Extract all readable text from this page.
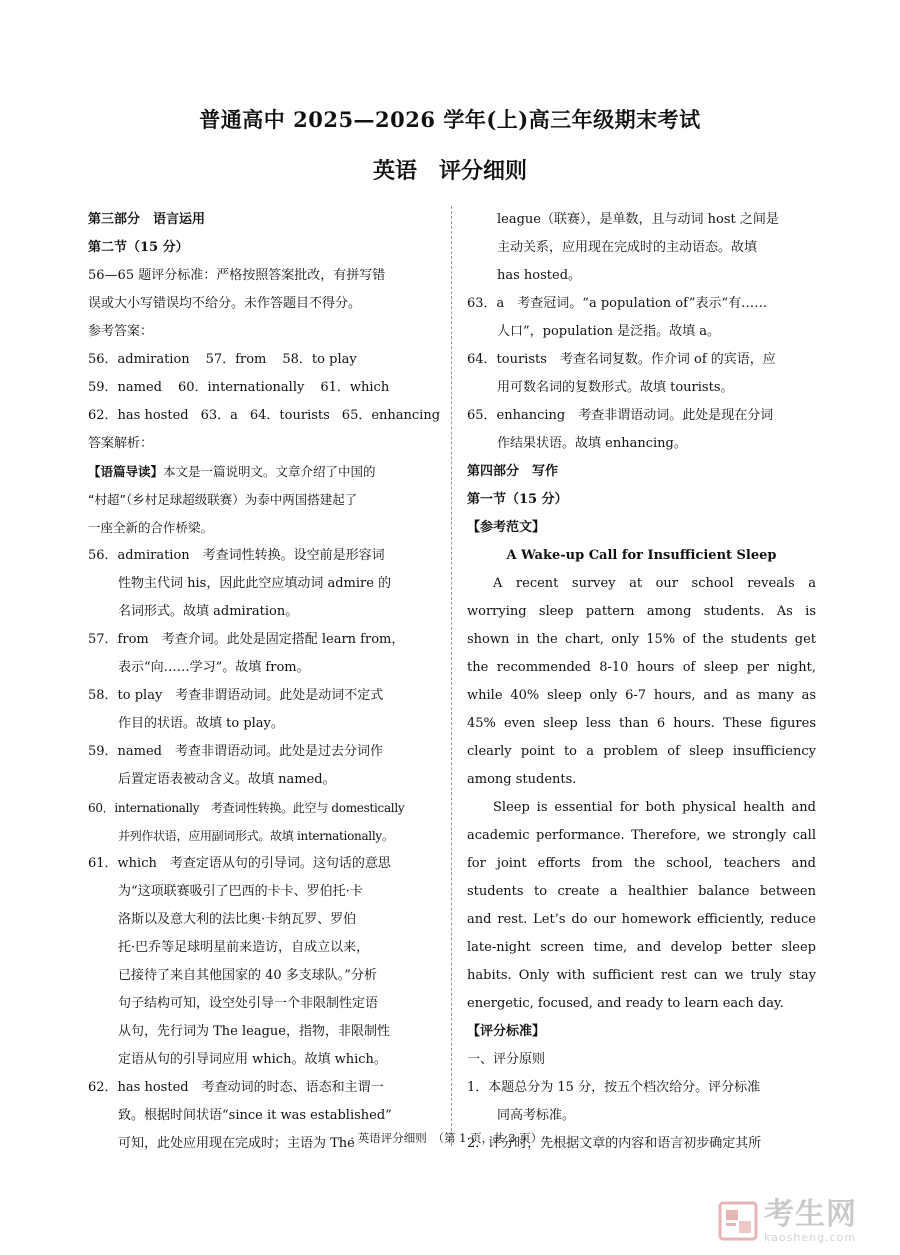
普通高中 2025—2026 学年(上)高三年级期末考试
英语　评分细则
第三部分　语言运用
第二节（15 分）
56—65 题评分标准：严格按照答案批改，有拼写错
误或大小写错误均不给分。未作答题目不得分。
参考答案：
56．admiration 57．from 58．to play
59．named 60．internationally 61．which
62．has hosted 63．a 64．tourists 65．enhancing
答案解析：
【语篇导读】本文是一篇说明文。文章介绍了中国的
“村超”（乡村足球超级联赛）为泰中两国搭建起了
一座全新的合作桥梁。
56．admiration　考查词性转换。设空前是形容词
性物主代词 his，因此此空应填动词 admire 的
名词形式。故填 admiration。
57．from　考查介词。此处是固定搭配 learn from，
表示“向……学习”。故填 from。
58．to play　考查非谓语动词。此处是动词不定式
作目的状语。故填 to play。
59．named　考查非谓语动词。此处是过去分词作
后置定语表被动含义。故填 named。
60．internationally　考查词性转换。此空与 domestically
并列作状语，应用副词形式。故填 internationally。
61．which　考查定语从句的引导词。这句话的意思
为“这项联赛吸引了巴西的卡卡、罗伯托·卡
洛斯以及意大利的法比奥·卡纳瓦罗、罗伯
托·巴乔等足球明星前来造访，自成立以来，
已接待了来自其他国家的 40 多支球队。”分析
句子结构可知，设空处引导一个非限制性定语
从句，先行词为 The league，指物，非限制性
定语从句的引导词应用 which。故填 which。
62．has hosted　考查动词的时态、语态和主谓一
致。根据时间状语“since it was established”
可知，此处应用现在完成时；主语为 The
league（联赛），是单数，且与动词 host 之间是
主动关系，应用现在完成时的主动语态。故填
has hosted。
63．a　考查冠词。“a population of”表示“有……
人口”，population 是泛指。故填 a。
64．tourists　考查名词复数。作介词 of 的宾语，应
用可数名词的复数形式。故填 tourists。
65．enhancing　考查非谓语动词。此处是现在分词
作结果状语。故填 enhancing。
第四部分　写作
第一节（15 分）
【参考范文】
A Wake-up Call for Insufficient Sleep
A recent survey at our school reveals a
worrying sleep pattern among students. As is
shown in the chart, only 15% of the students get
the recommended 8-10 hours of sleep per night,
while 40% sleep only 6-7 hours, and as many as
45% even sleep less than 6 hours. These figures
clearly point to a problem of sleep insufficiency
among students.
Sleep is essential for both physical health and
academic performance. Therefore, we strongly call
for joint efforts from the school, teachers and
students to create a healthier balance between
and rest. Let’s do our homework efficiently, reduce
late-night screen time, and develop better sleep
habits. Only with sufficient rest can we truly stay
energetic, focused, and ready to learn each day.
【评分标准】
一、评分原则
1．本题总分为 15 分，按五个档次给分。评分标准
同高考标准。
2．评分时，先根据文章的内容和语言初步确定其所
· 英语评分细则　（第 1 页，共 3 页） ·
考生网
kaosheng.com
